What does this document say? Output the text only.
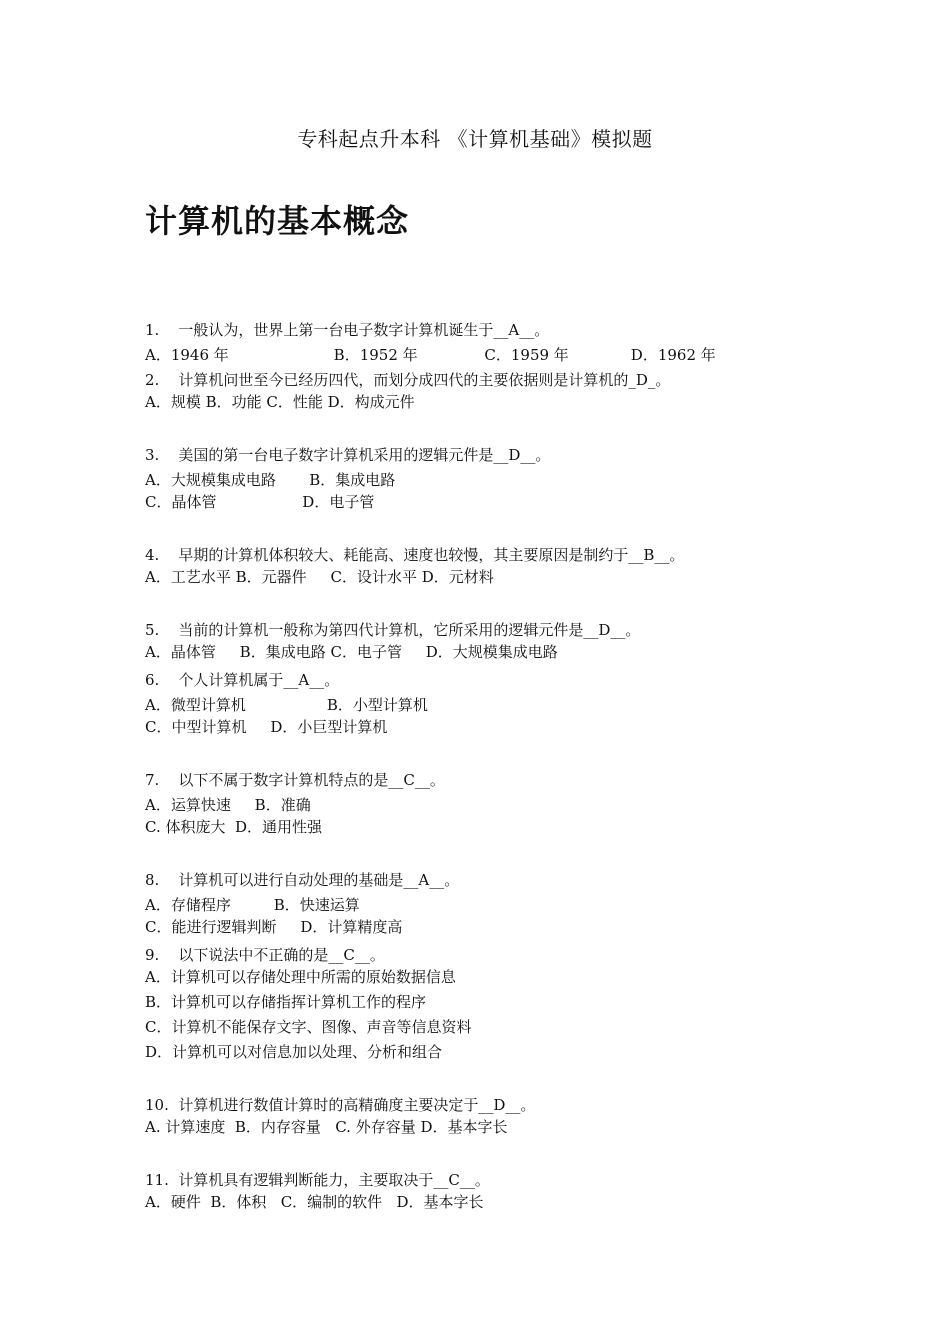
专科起点升本科 《计算机基础》模拟题
计算机的基本概念
1.    一般认为，世界上第一台电子数字计算机诞生于__A__。
A．1946 年                      B．1952 年              C．1959 年             D．1962 年
2.    计算机问世至今已经历四代，而划分成四代的主要依据则是计算机的_D_。
A．规模 B．功能 C．性能 D．构成元件
3.    美国的第一台电子数字计算机采用的逻辑元件是__D__。
A．大规模集成电路       B．集成电路
C．晶体管                  D．电子管
4.    早期的计算机体积较大、耗能高、速度也较慢，其主要原因是制约于__B__。
A．工艺水平 B．元器件     C．设计水平 D．元材料
5.    当前的计算机一般称为第四代计算机，它所采用的逻辑元件是__D__。
A．晶体管     B．集成电路 C．电子管     D．大规模集成电路
6.    个人计算机属于__A__。
A．微型计算机                 B．小型计算机
C．中型计算机     D．小巨型计算机
7.    以下不属于数字计算机特点的是__C__。
A．运算快速     B．准确
C. 体积庞大  D．通用性强
8.    计算机可以进行自动处理的基础是__A__。
A．存储程序         B．快速运算
C．能进行逻辑判断     D．计算精度高
9.    以下说法中不正确的是__C__。
A．计算机可以存储处理中所需的原始数据信息
B．计算机可以存储指挥计算机工作的程序
C．计算机不能保存文字、图像、声音等信息资料
D．计算机可以对信息加以处理、分析和组合
10.  计算机进行数值计算时的高精确度主要决定于__D__。
A. 计算速度  B．内存容量   C. 外存容量 D．基本字长
11.  计算机具有逻辑判断能力，主要取决于__C__。
A．硬件  B．体积   C．编制的软件   D．基本字长
